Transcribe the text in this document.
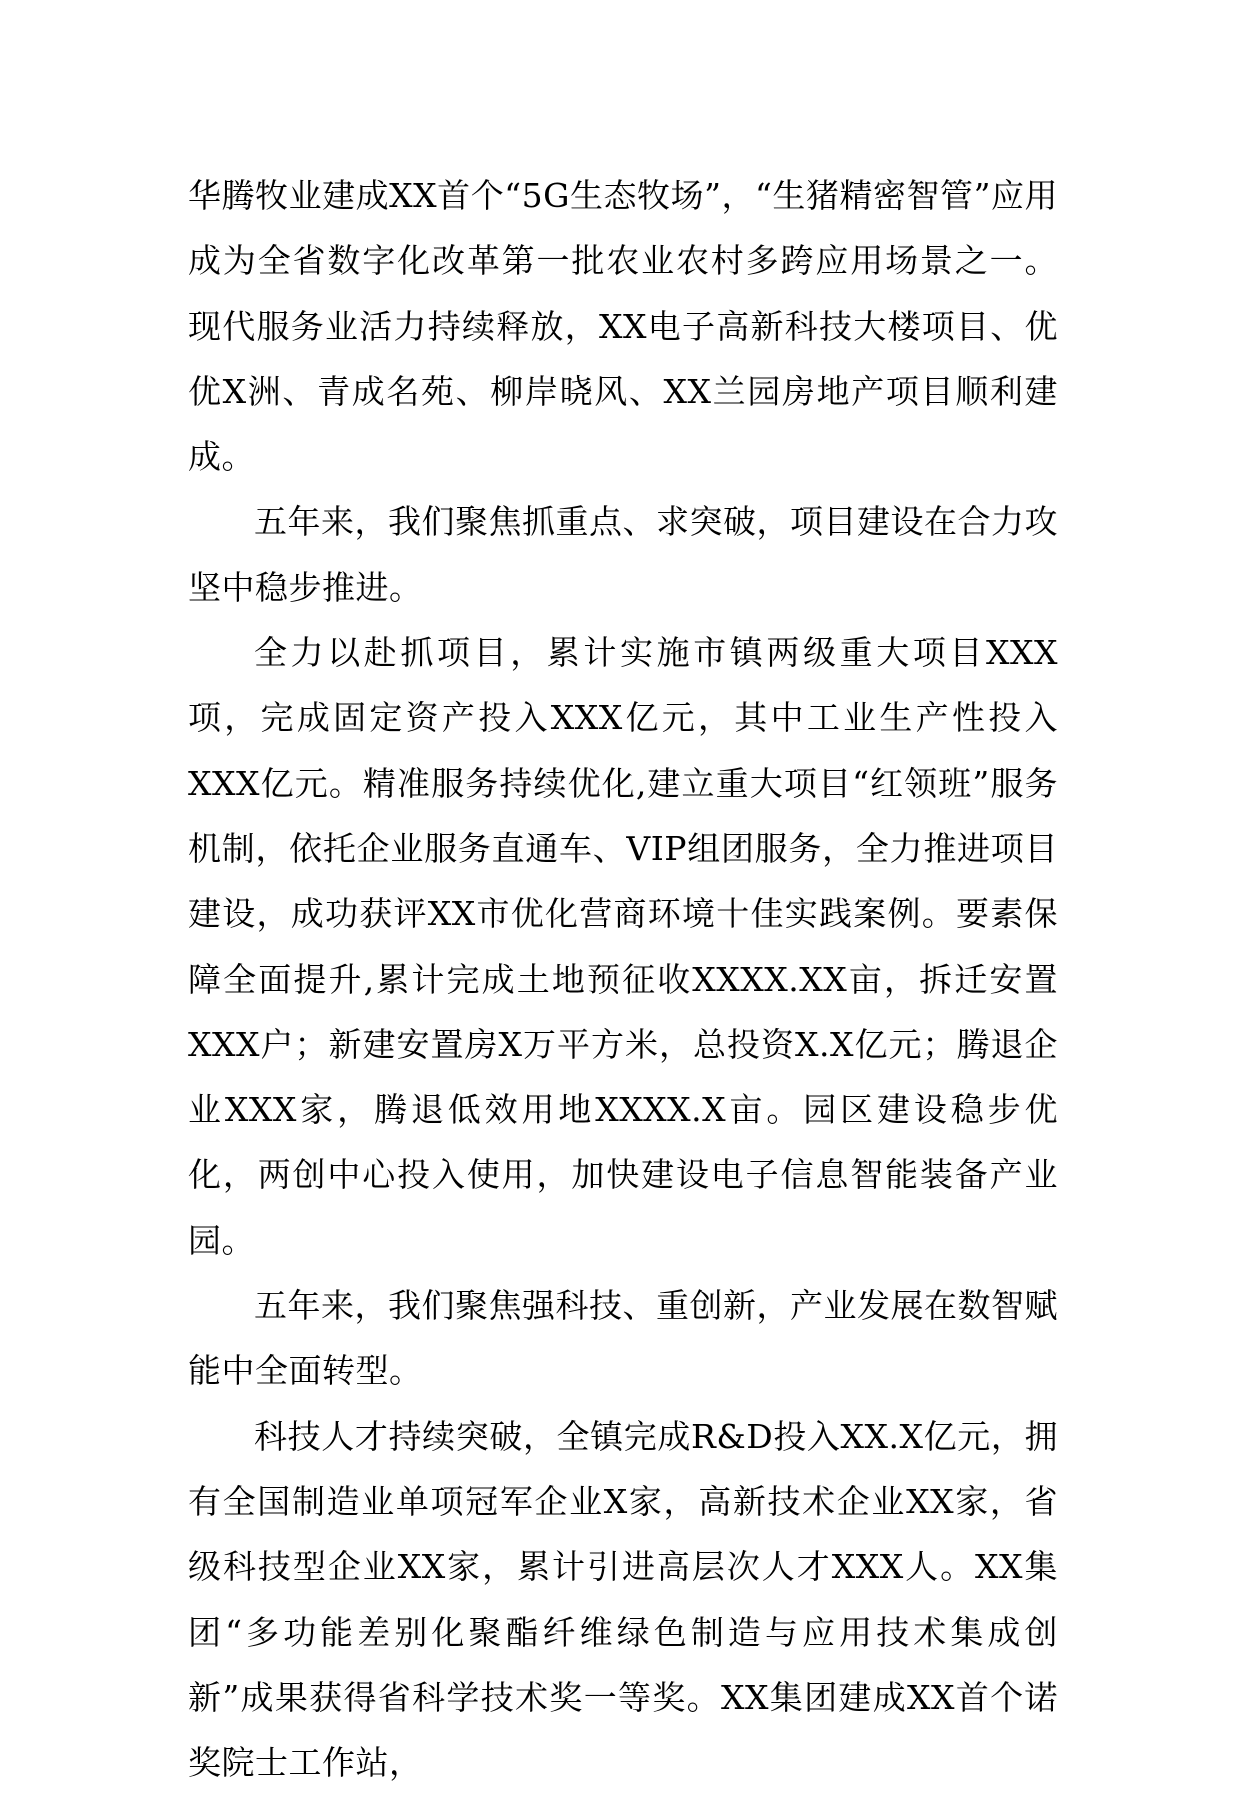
华腾牧业建成XX首个“5G生态牧场”，“生猪精密智管”应用成为全省数字化改革第一批农业农村多跨应用场景之一。现代服务业活力持续释放，XX电子高新科技大楼项目、优优X洲、青成名苑、柳岸晓风、XX兰园房地产项目顺利建成。

五年来，我们聚焦抓重点、求突破，项目建设在合力攻坚中稳步推进。

全力以赴抓项目，累计实施市镇两级重大项目XXX项，完成固定资产投入XXX亿元，其中工业生产性投入XXX亿元。精准服务持续优化,建立重大项目“红领班”服务机制，依托企业服务直通车、VIP组团服务，全力推进项目建设，成功获评XX市优化营商环境十佳实践案例。要素保障全面提升,累计完成土地预征收XXXX.XX亩，拆迁安置XXX户；新建安置房X万平方米，总投资X.X亿元；腾退企业XXX家，腾退低效用地XXXX.X亩。园区建设稳步优化，两创中心投入使用，加快建设电子信息智能装备产业园。

五年来，我们聚焦强科技、重创新，产业发展在数智赋能中全面转型。

科技人才持续突破，全镇完成R&D投入XX.X亿元，拥有全国制造业单项冠军企业X家，高新技术企业XX家，省级科技型企业XX家，累计引进高层次人才XXX人。XX集团“多功能差别化聚酯纤维绿色制造与应用技术集成创新”成果获得省科学技术奖一等奖。XX集团建成XX首个诺奖院士工作站，
